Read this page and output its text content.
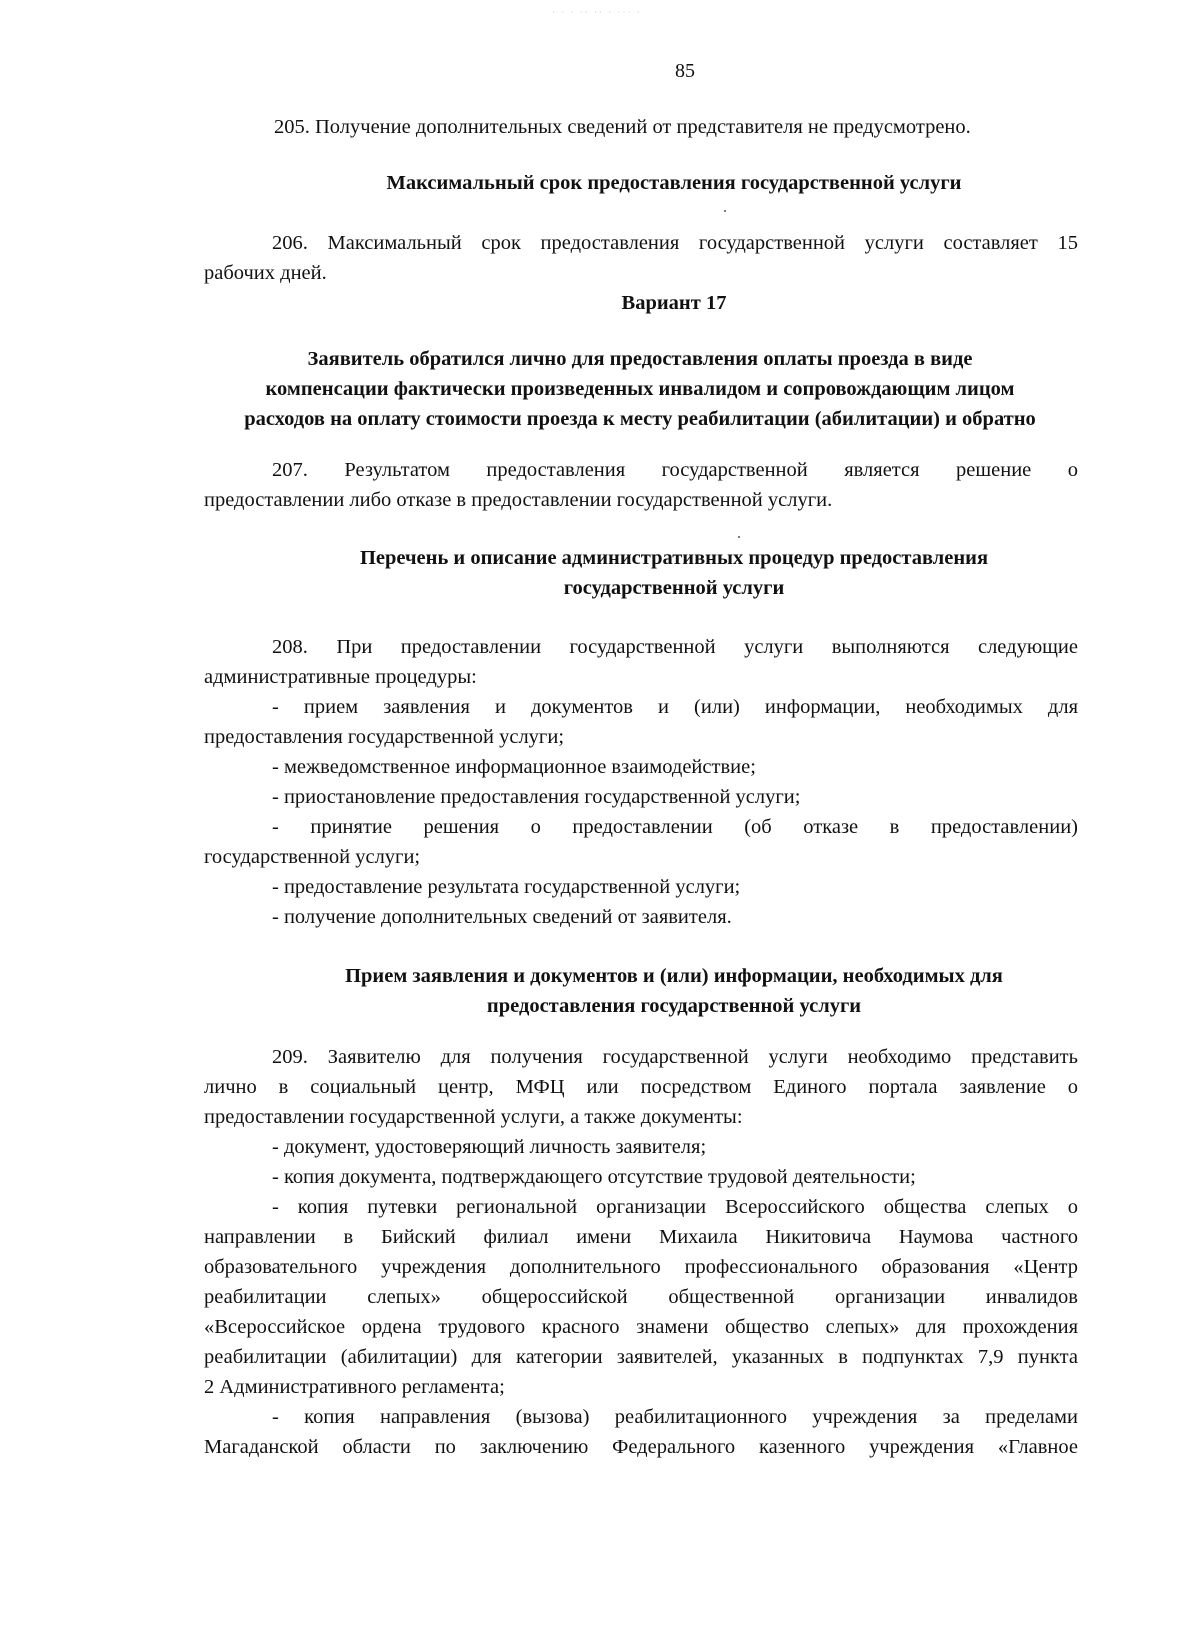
· · · ·· ·· · ··· ·
85
205. Получение дополнительных сведений от представителя не предусмотрено.
Максимальный срок предоставления государственной услуги
206. Максимальный срок предоставления государственной услуги составляет 15
рабочих дней.
Вариант 17
Заявитель обратился лично для предоставления оплаты проезда в виде
компенсации фактически произведенных инвалидом и сопровождающим лицом
расходов на оплату стоимости проезда к месту реабилитации (абилитации) и обратно
207. Результатом предоставления государственной является решение о
предоставлении либо отказе в предоставлении государственной услуги.
Перечень и описание административных процедур предоставления
государственной услуги
208. При предоставлении государственной услуги выполняются следующие
административные процедуры:
- прием заявления и документов и (или) информации, необходимых для
предоставления государственной услуги;
- межведомственное информационное взаимодействие;
- приостановление предоставления государственной услуги;
- принятие решения о предоставлении (об отказе в предоставлении)
государственной услуги;
- предоставление результата государственной услуги;
- получение дополнительных сведений от заявителя.
Прием заявления и документов и (или) информации, необходимых для
предоставления государственной услуги
209. Заявителю для получения государственной услуги необходимо представить
лично в социальный центр, МФЦ или посредством Единого портала заявление о
предоставлении государственной услуги, а также документы:
- документ, удостоверяющий личность заявителя;
- копия документа, подтверждающего отсутствие трудовой деятельности;
- копия путевки региональной организации Всероссийского общества слепых о
направлении в Бийский филиал имени Михаила Никитовича Наумова частного
образовательного учреждения дополнительного профессионального образования «Центр
реабилитации слепых» общероссийской общественной организации инвалидов
«Всероссийское ордена трудового красного знамени общество слепых» для прохождения
реабилитации (абилитации) для категории заявителей, указанных в подпунктах 7,9 пункта
2 Административного регламента;
- копия направления (вызова) реабилитационного учреждения за пределами
Магаданской области по заключению Федерального казенного учреждения «Главное
